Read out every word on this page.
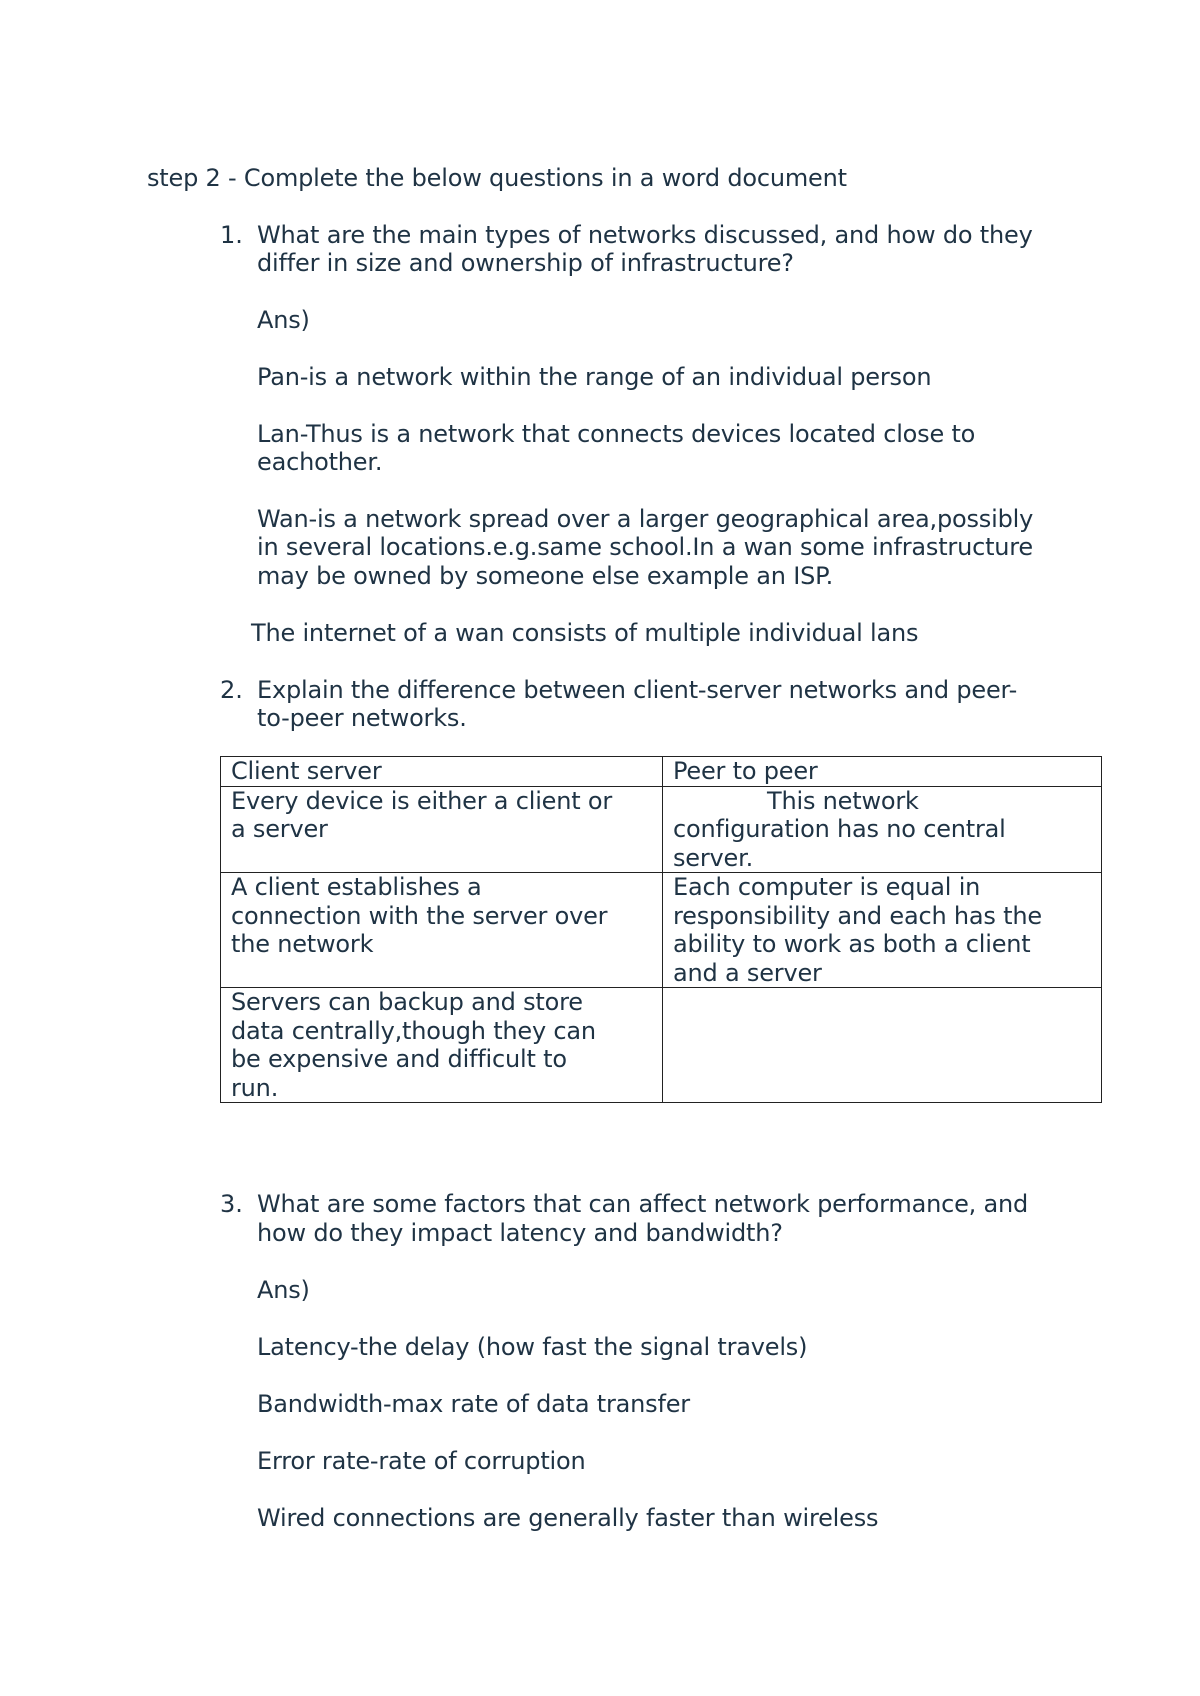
step 2 - Complete the below questions in a word document
1. What are the main types of networks discussed, and how do they
differ in size and ownership of infrastructure?
Ans)
Pan-is a network within the range of an individual person
Lan-Thus is a network that connects devices located close to
eachother.
Wan-is a network spread over a larger geographical area,possibly
in several locations.e.g.same school.In a wan some infrastructure
may be owned by someone else example an ISP.
The internet of a wan consists of multiple individual lans
2. Explain the difference between client-server networks and peer-
to-peer networks.
Client server	Peer to peer
Every device is either a client or
a server	This network
configuration has no central
server.
A client establishes a
connection with the server over
the network	Each computer is equal in
responsibility and each has the
ability to work as both a client
and a server
Servers can backup and store
data centrally,though they can
be expensive and difficult to
run.	
3. What are some factors that can affect network performance, and
how do they impact latency and bandwidth?
Ans)
Latency-the delay (how fast the signal travels)
Bandwidth-max rate of data transfer
Error rate-rate of corruption
Wired connections are generally faster than wireless
